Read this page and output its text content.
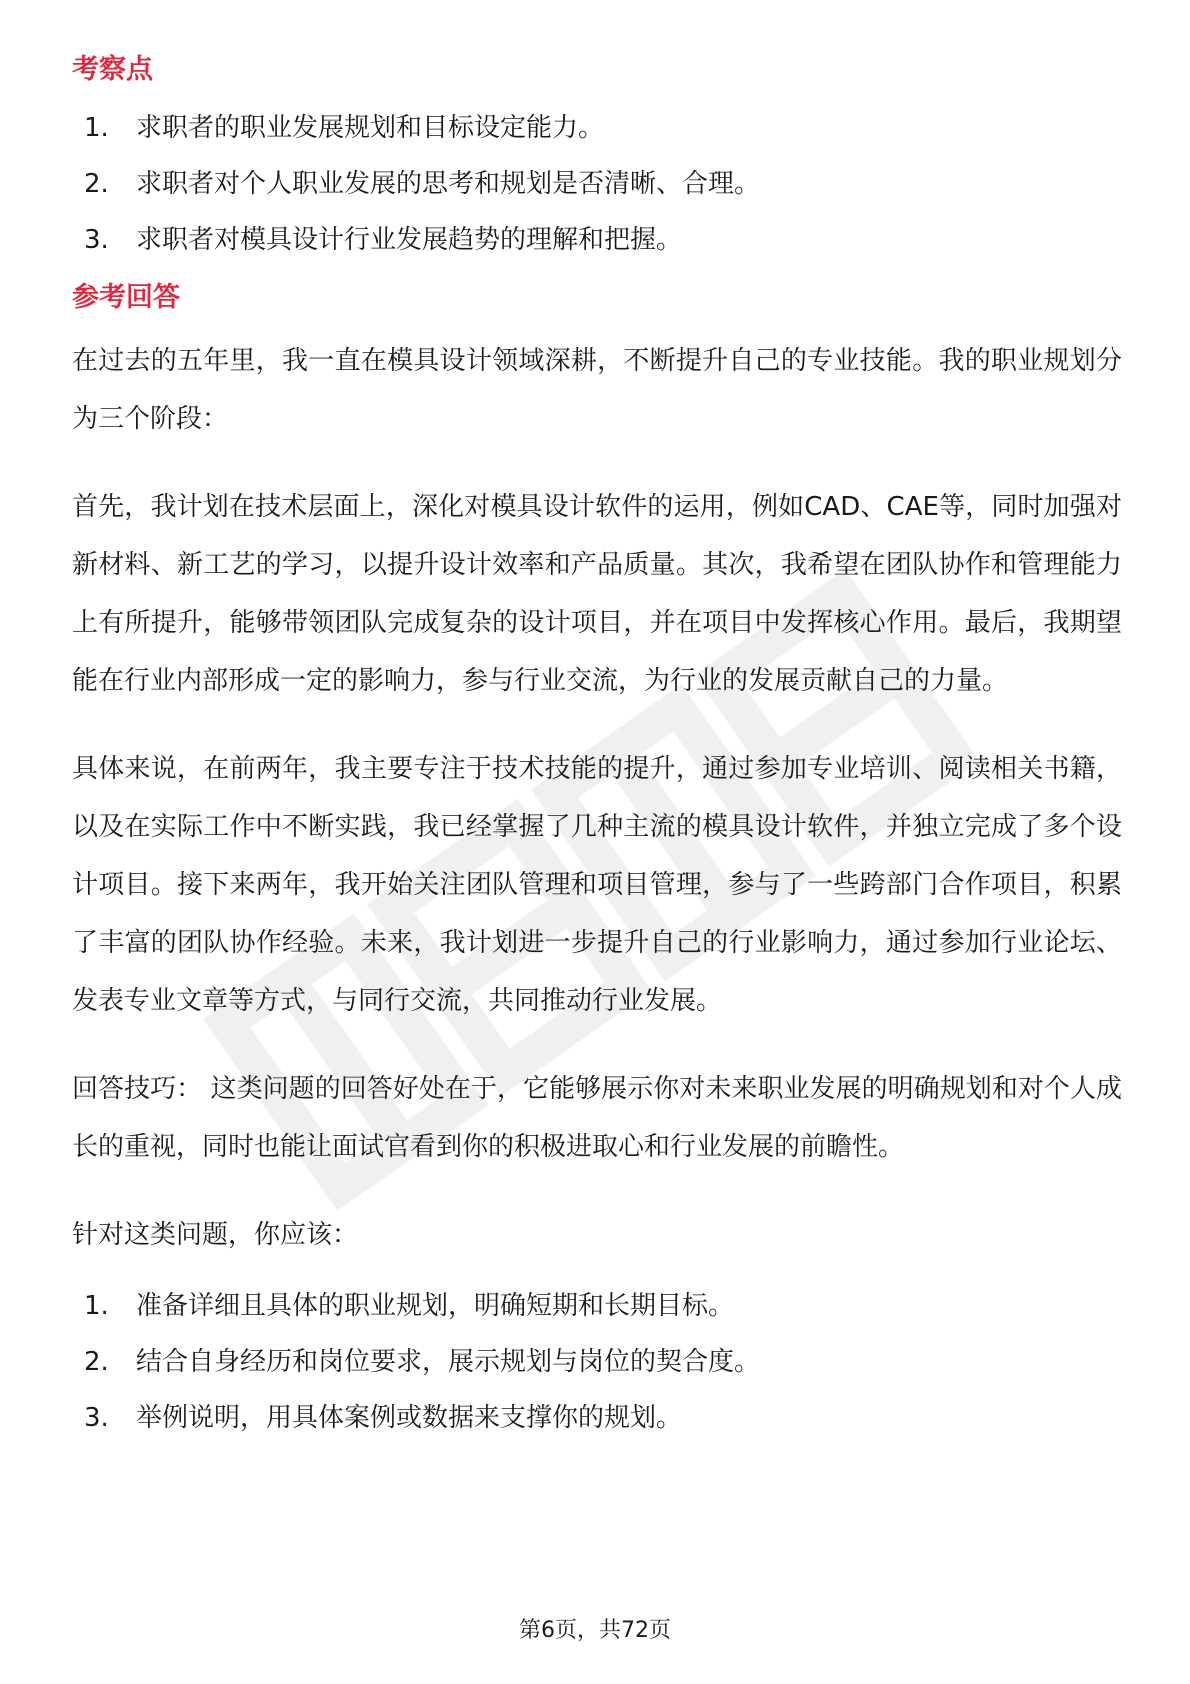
考察点
1.	求职者的职业发展规划和目标设定能力。
2.	求职者对个人职业发展的思考和规划是否清晰、合理。
3.	求职者对模具设计行业发展趋势的理解和把握。
参考回答

在过去的五年里，我一直在模具设计领域深耕，不断提升自己的专业技能。我的职业规划分为三个阶段：

首先，我计划在技术层面上，深化对模具设计软件的运用，例如CAD、CAE等，同时加强对新材料、新工艺的学习，以提升设计效率和产品质量。其次，我希望在团队协作和管理能力上有所提升，能够带领团队完成复杂的设计项目，并在项目中发挥核心作用。最后，我期望能在行业内部形成一定的影响力，参与行业交流，为行业的发展贡献自己的力量。

具体来说，在前两年，我主要专注于技术技能的提升，通过参加专业培训、阅读相关书籍，以及在实际工作中不断实践，我已经掌握了几种主流的模具设计软件，并独立完成了多个设计项目。接下来两年，我开始关注团队管理和项目管理，参与了一些跨部门合作项目，积累了丰富的团队协作经验。未来，我计划进一步提升自己的行业影响力，通过参加行业论坛、发表专业文章等方式，与同行交流，共同推动行业发展。

回答技巧： 这类问题的回答好处在于，它能够展示你对未来职业发展的明确规划和对个人成长的重视，同时也能让面试官看到你的积极进取心和行业发展的前瞻性。

针对这类问题，你应该：

1.	准备详细且具体的职业规划，明确短期和长期目标。
2.	结合自身经历和岗位要求，展示规划与岗位的契合度。
3.	举例说明，用具体案例或数据来支撑你的规划。
第6页，共72页
